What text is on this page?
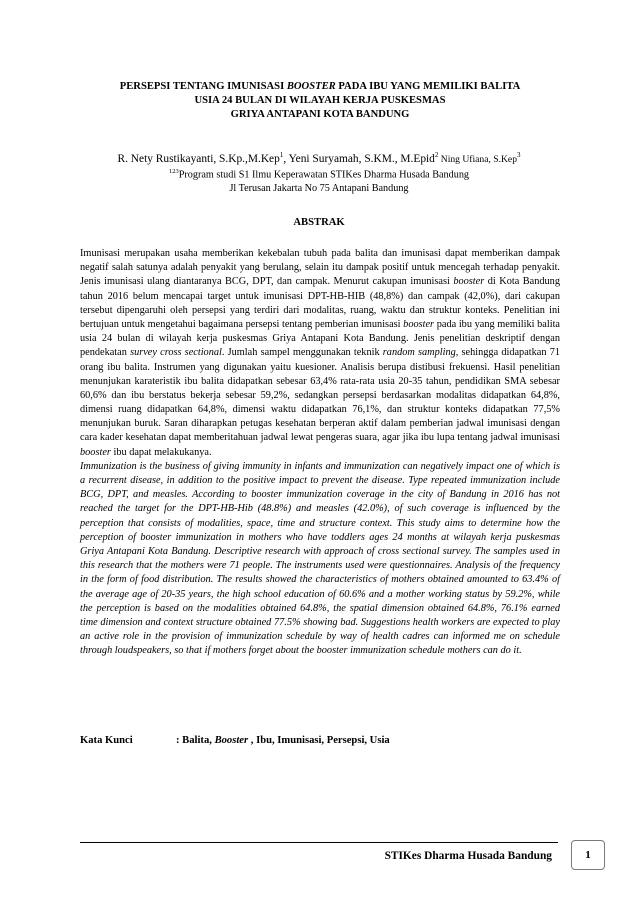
PERSEPSI TENTANG IMUNISASI BOOSTER PADA IBU YANG MEMILIKI BALITA
USIA 24 BULAN DI WILAYAH KERJA PUSKESMAS
GRIYA ANTAPANI KOTA BANDUNG
R. Nety Rustikayanti, S.Kp.,M.Kep$^1$, Yeni Suryamah, S.KM., M.Epid$^2$ Ning Ufiana, S.Kep$^3$
$^{123}$Program studi S1 Ilmu Keperawatan STIKes Dharma Husada Bandung
Jl Terusan Jakarta No 75 Antapani Bandung
ABSTRAK

Imunisasi merupakan usaha memberikan kekebalan tubuh pada balita dan imunisasi dapat memberikan dampak negatif salah satunya adalah penyakit yang berulang, selain itu dampak positif untuk mencegah terhadap penyakit. Jenis imunisasi ulang diantaranya BCG, DPT, dan campak. Menurut cakupan imunisasi booster di Kota Bandung tahun 2016 belum mencapai target untuk imunisasi DPT-HB-HIB (48,8%) dan campak (42,0%), dari cakupan tersebut dipengaruhi oleh persepsi yang terdiri dari modalitas, ruang, waktu dan struktur konteks. Penelitian ini bertujuan untuk mengetahui bagaimana persepsi tentang pemberian imunisasi booster pada ibu yang memiliki balita usia 24 bulan di wilayah kerja puskesmas Griya Antapani Kota Bandung. Jenis penelitian deskriptif dengan pendekatan survey cross sectional. Jumlah sampel menggunakan teknik random sampling, sehingga didapatkan 71 orang ibu balita. Instrumen yang digunakan yaitu kuesioner. Analisis berupa distibusi frekuensi. Hasil penelitian menunjukan karateristik ibu balita didapatkan sebesar 63,4% rata-rata usia 20-35 tahun, pendidikan SMA sebesar 60,6% dan ibu berstatus bekerja sebesar 59,2%, sedangkan persepsi berdasarkan modalitas didapatkan 64,8%, dimensi ruang didapatkan 64,8%, dimensi waktu didapatkan 76,1%, dan struktur konteks didapatkan 77,5% menunjukan buruk. Saran diharapkan petugas kesehatan berperan aktif dalam pemberian jadwal imunisasi dengan cara kader kesehatan dapat memberitahuan jadwal lewat pengeras suara, agar jika ibu lupa tentang jadwal imunisasi booster ibu dapat melakukanya.

Immunization is the business of giving immunity in infants and immunization can negatively impact one of which is a recurrent disease, in addition to the positive impact to prevent the disease. Type repeated immunization include BCG, DPT, and measles. According to booster immunization coverage in the city of Bandung in 2016 has not reached the target for the DPT-HB-Hib (48.8%) and measles (42.0%), of such coverage is influenced by the perception that consists of modalities, space, time and structure context. This study aims to determine how the perception of booster immunization in mothers who have toddlers ages 24 months at wilayah kerja puskesmas Griya Antapani Kota Bandung. Descriptive research with approach of cross sectional survey. The samples used in this research that the mothers were 71 people. The instruments used were questionnaires. Analysis of the frequency in the form of food distribution. The results showed the characteristics of mothers obtained amounted to 63.4% of the average age of 20-35 years, the high school education of 60.6% and a mother working status by 59.2%, while the perception is based on the modalities obtained 64.8%, the spatial dimension obtained 64.8%, 76.1% earned time dimension and context structure obtained 77.5% showing bad. Suggestions health workers are expected to play an active role in the provision of immunization schedule by way of health cadres can informed me on schedule through loudspeakers, so that if mothers forget about the booster immunization schedule mothers can do it.

Kata Kunci	: Balita, Booster , Ibu, Imunisasi, Persepsi, Usia
STIKes Dharma Husada Bandung	1
